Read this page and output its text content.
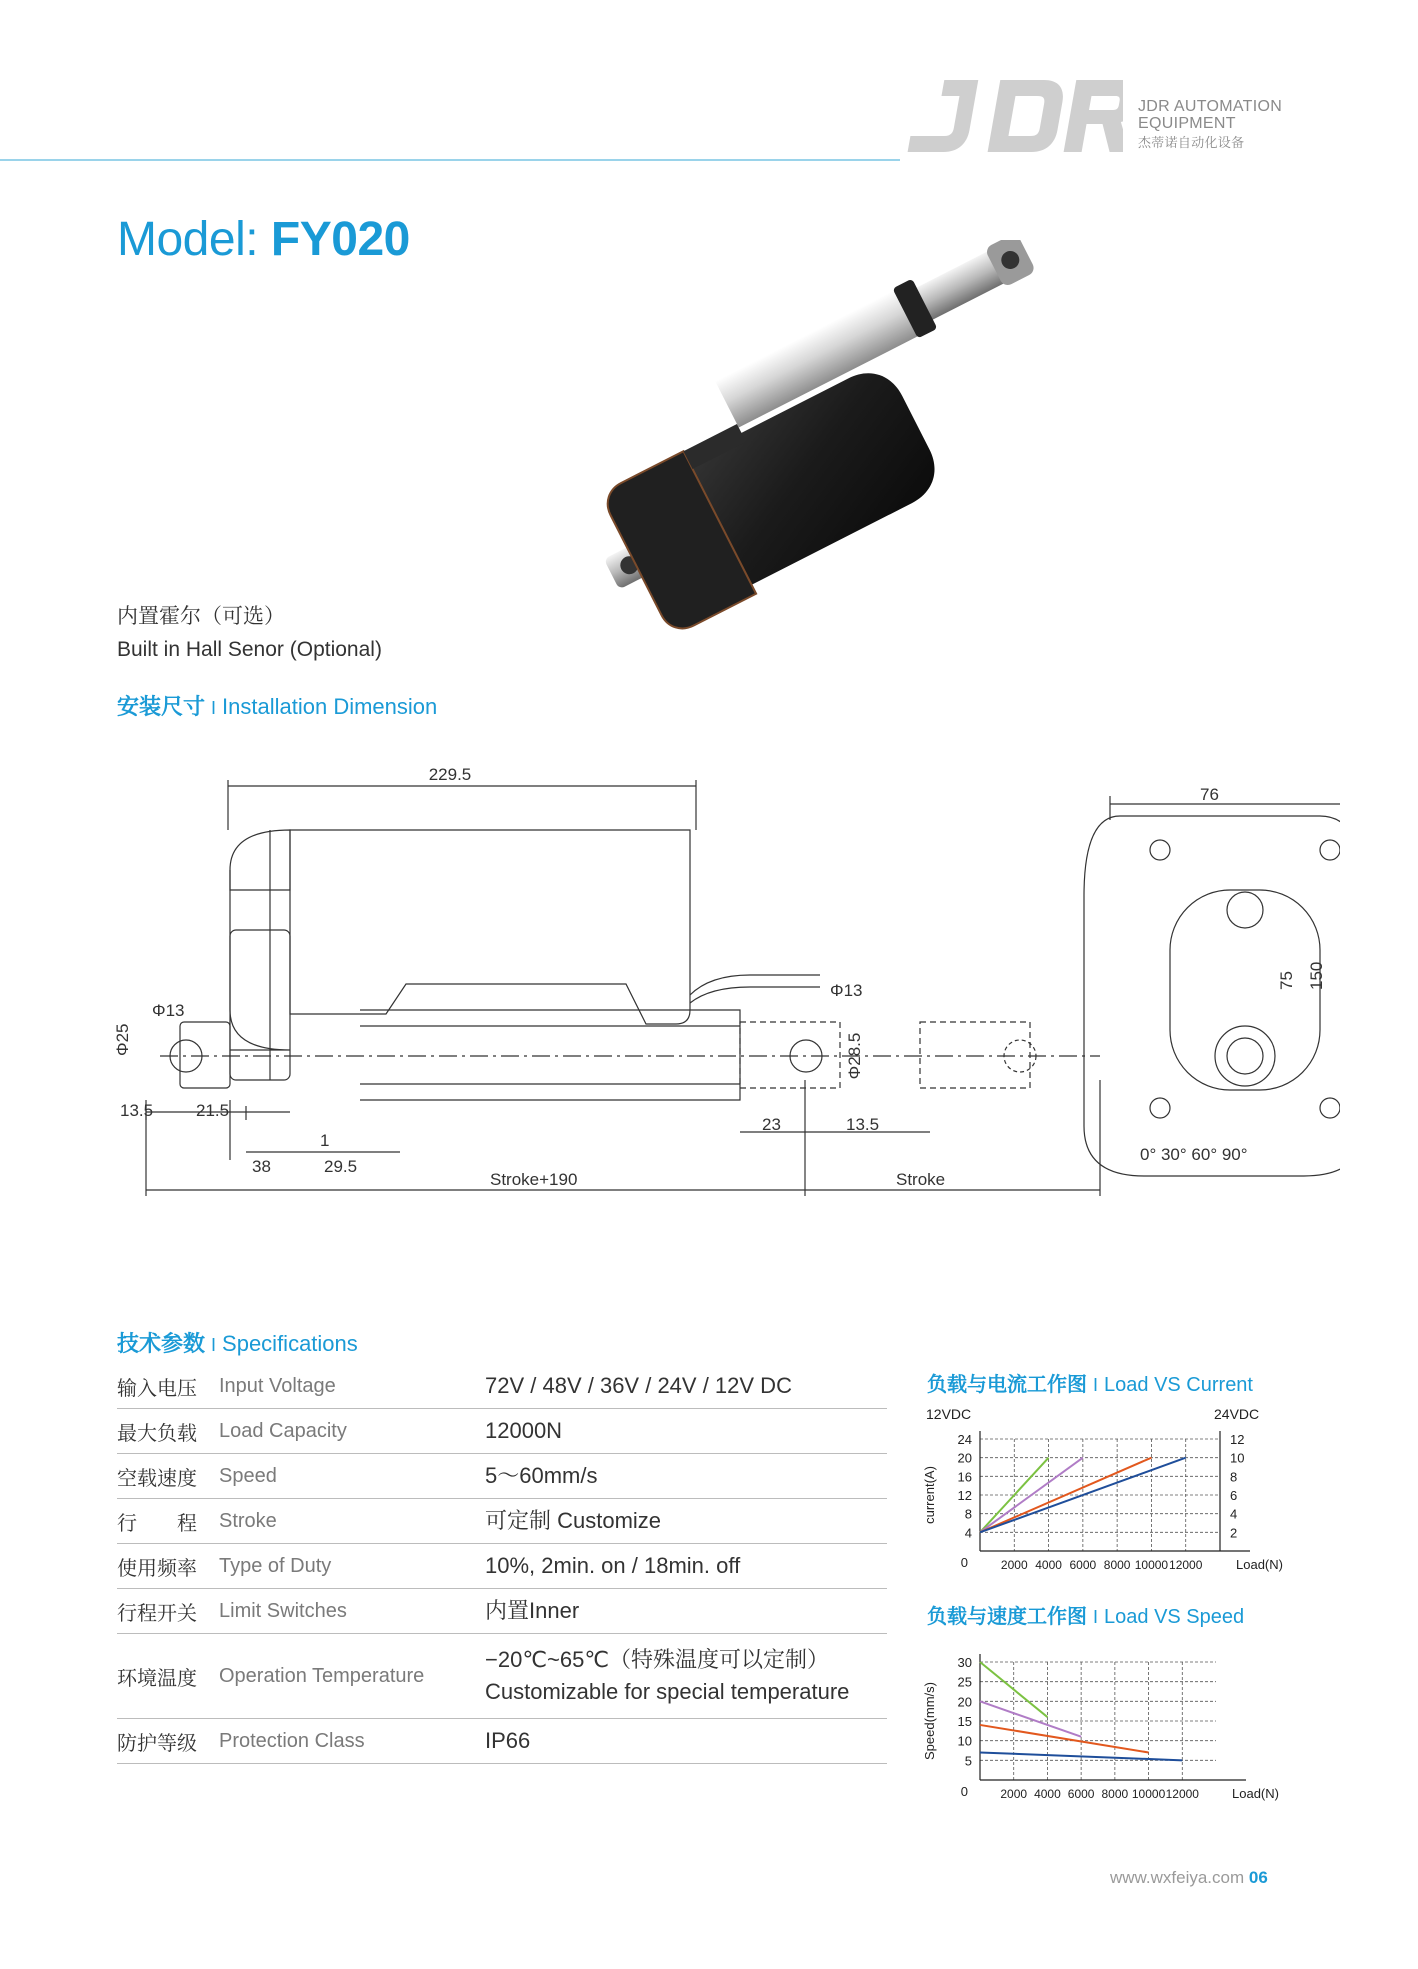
JDR AUTOMATION
EQUIPMENT
杰蒂诺自动化设备
Model: FY020
内置霍尔（可选）
Built in Hall Senor (Optional)
安装尺寸 I Installation Dimension
229.5
Φ13
Φ13
Φ25	Φ28.5
13.5	21.5
1
38	29.5
23	13.5
Stroke+190	Stroke
76
75 150
0° 30° 60° 90°
技术参数 I Specifications
输入电压	Input Voltage	72V / 48V / 36V / 24V / 12V DC
最大负载	Load Capacity	12000N
空载速度	Speed	5～60mm/s
行　　程	Stroke	可定制 Customize
使用频率	Type of Duty	10%, 2min. on / 18min. off
行程开关	Limit Switches	内置Inner
环境温度	Operation Temperature
−20℃~65℃（特殊温度可以定制）
Customizable for special temperature
防护等级	Protection Class	IP66
负载与电流工作图 I Load VS Current
4
8
12
16
20
24
2
4
6
8
10
12
2000 4000 6000 8000 10000 12000
0	Load(N)
current(A)
12VDC	24VDC
负载与速度工作图 I Load VS Speed
5
10
15
20
25
30
2000 4000 6000 8000 10000 12000
0	Load(N)
Speed(mm/s)
www.wxfeiya.com 06
